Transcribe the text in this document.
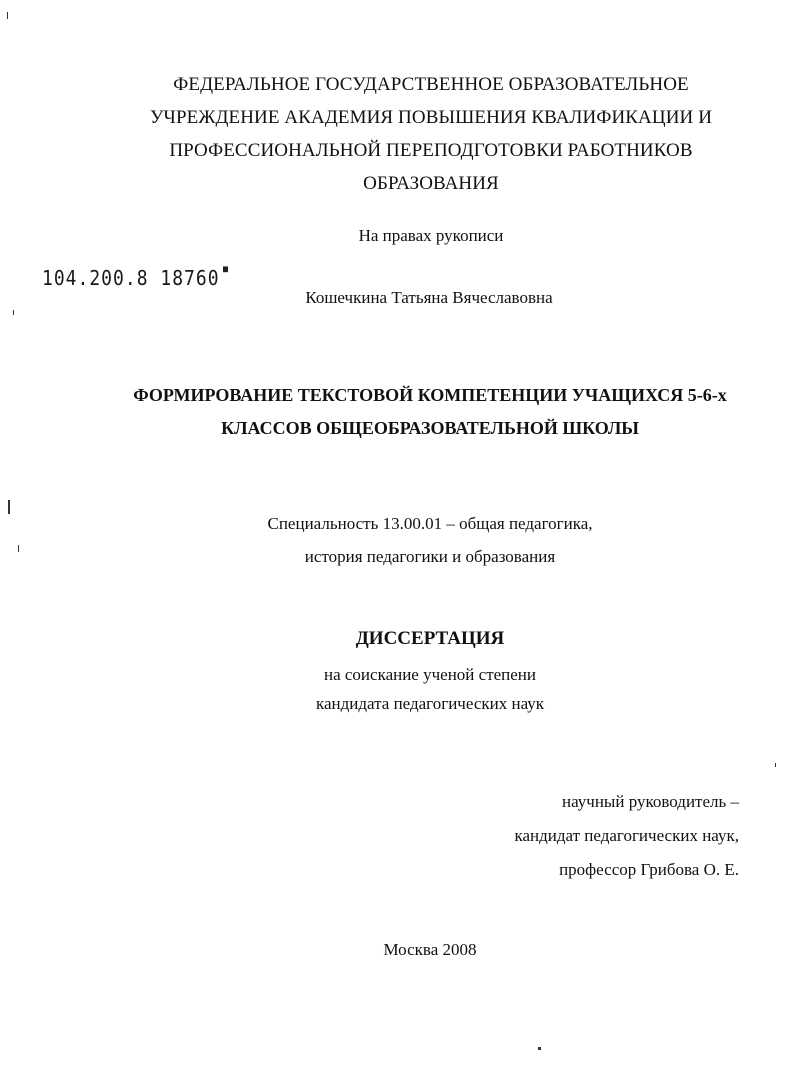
ФЕДЕРАЛЬНОЕ ГОСУДАРСТВЕННОЕ ОБРАЗОВАТЕЛЬНОЕ
УЧРЕЖДЕНИЕ АКАДЕМИЯ ПОВЫШЕНИЯ КВАЛИФИКАЦИИ И
ПРОФЕССИОНАЛЬНОЙ ПЕРЕПОДГОТОВКИ РАБОТНИКОВ
ОБРАЗОВАНИЯ
На правах рукописи
104.200.8 18760
Кошечкина Татьяна Вячеславовна
ФОРМИРОВАНИЕ ТЕКСТОВОЙ КОМПЕТЕНЦИИ УЧАЩИХСЯ 5-6-х
КЛАССОВ ОБЩЕОБРАЗОВАТЕЛЬНОЙ ШКОЛЫ
Специальность 13.00.01 – общая педагогика,
история педагогики и образования
ДИССЕРТАЦИЯ
на соискание ученой степени
кандидата педагогических наук
научный руководитель –
кандидат педагогических наук,
профессор Грибова О. Е.
Москва 2008
